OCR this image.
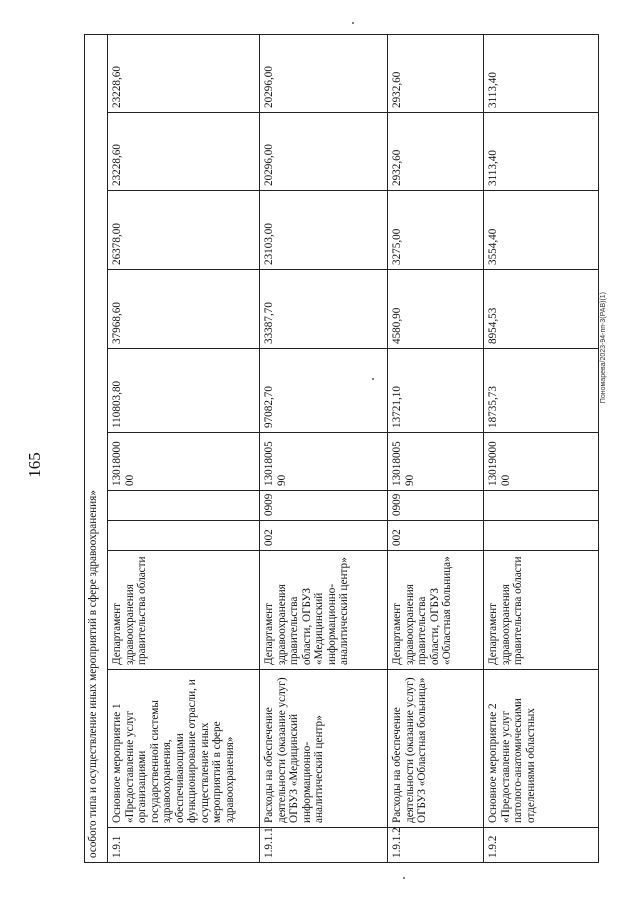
165
Пономарева/2023-94-пп-3(PAB)(1)
особого типа и осуществление иных мероприятий в сфере здравоохранения»										
1.9.1	Основное мероприятие 1 «Предоставление услуг организациями государственной системы здравоохранения, обеспечивающими функционирование отрасли, и осуществление иных мероприятий в сфере здравоохранения»	Департамент здравоохранения правительства области			1301800000	110803,80	37968,60	26378,00	23228,60	23228,60
1.9.1.1	Расходы на обеспечение деятельности (оказание услуг) ОГБУЗ «Медицинский информационно-аналитический центр»	Департамент здравоохранения правительства области, ОГБУЗ «Медицинский информационно-аналитический центр»	002	0909	1301800590	97082,70	33387,70	23103,00	20296,00	20296,00
1.9.1.2	Расходы на обеспечение деятельности (оказание услуг) ОГБУЗ «Областная больница»	Департамент здравоохранения правительства области, ОГБУЗ «Областная больница»	002	0909	1301800590	13721,10	4580,90	3275,00	2932,60	2932,60
1.9.2	Основное мероприятие 2 «Предоставление услуг патолого-анатомическими отделениями областных	Департамент здравоохранения правительства области			1301900000	18735,73	8954,53	3554,40	3113,40	3113,40
